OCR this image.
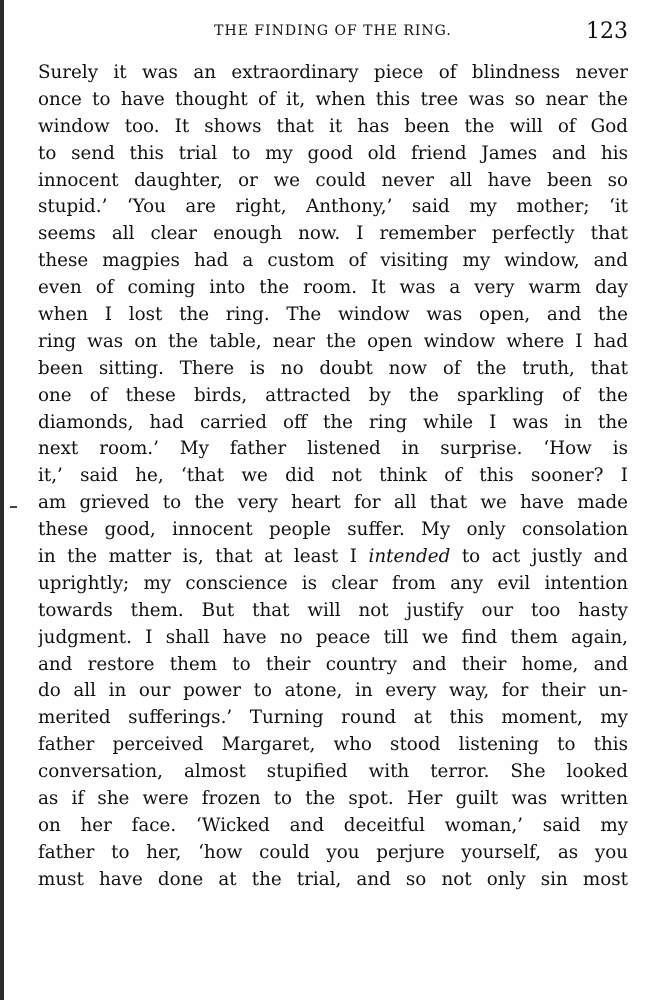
THE FINDING OF THE RING.	123
Surely it was an extraordinary piece of blindness never
once to have thought of it, when this tree was so near the
window too. It shows that it has been the will of God
to send this trial to my good old friend James and his
innocent daughter, or we could never all have been so
stupid.’ ‘You are right, Anthony,’ said my mother; ‘it
seems all clear enough now. I remember perfectly that
these magpies had a custom of visiting my window, and
even of coming into the room. It was a very warm day
when I lost the ring. The window was open, and the
ring was on the table, near the open window where I had
been sitting. There is no doubt now of the truth, that
one of these birds, attracted by the sparkling of the
diamonds, had carried off the ring while I was in the
next room.’ My father listened in surprise. ‘How is
it,’ said he, ‘that we did not think of this sooner? I
am grieved to the very heart for all that we have made
these good, innocent people suffer. My only consolation
in the matter is, that at least I intended to act justly and
uprightly; my conscience is clear from any evil intention
towards them. But that will not justify our too hasty
judgment. I shall have no peace till we find them again,
and restore them to their country and their home, and
do all in our power to atone, in every way, for their un-
merited sufferings.’ Turning round at this moment, my
father perceived Margaret, who stood listening to this
conversation, almost stupified with terror. She looked
as if she were frozen to the spot. Her guilt was written
on her face. ‘Wicked and deceitful woman,’ said my
father to her, ‘how could you perjure yourself, as you
must have done at the trial, and so not only sin most
